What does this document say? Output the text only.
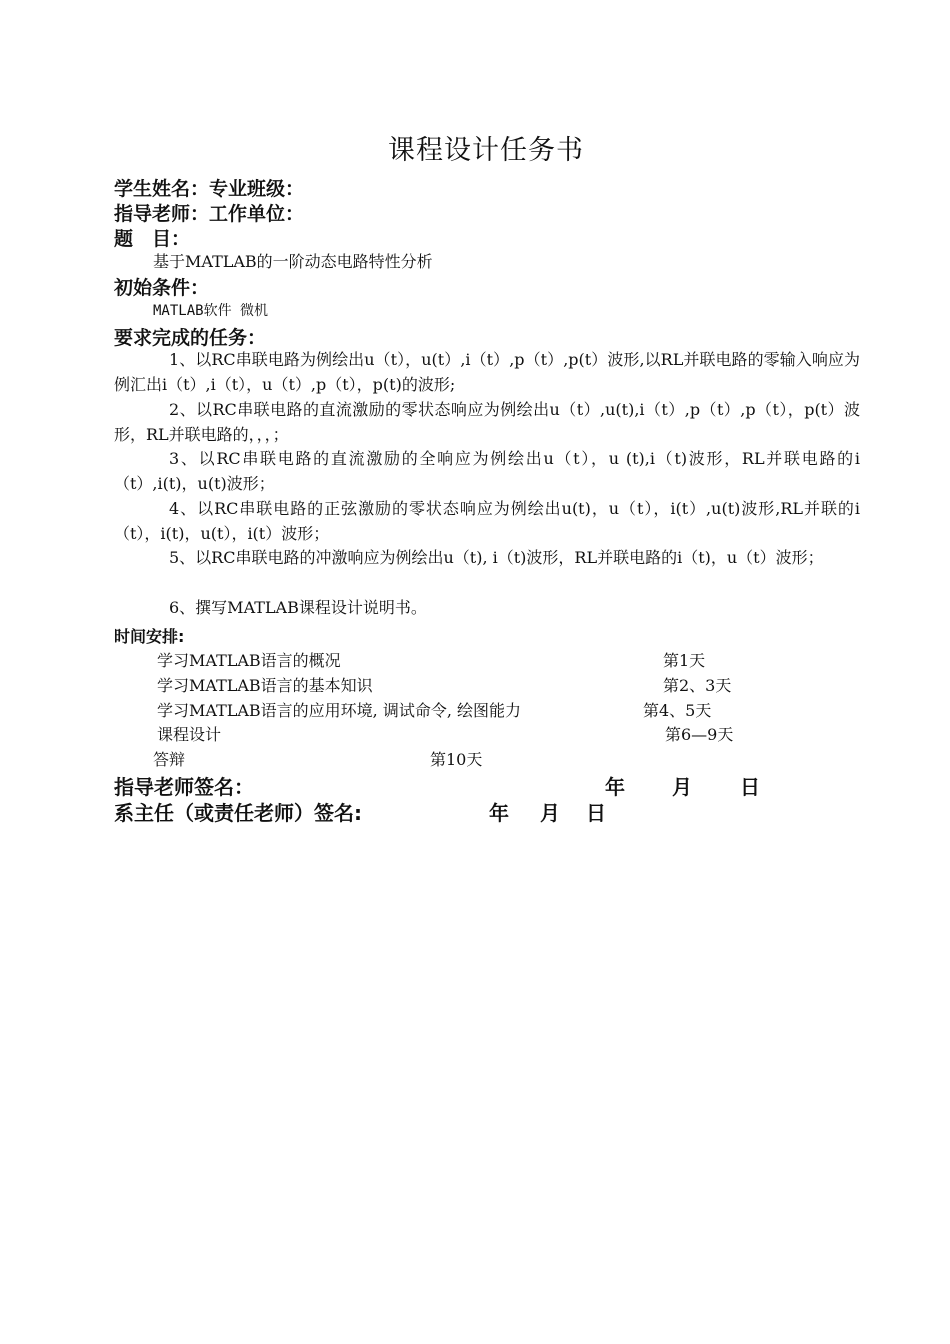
课程设计任务书
学生姓名：专业班级：
指导老师：工作单位：
题　目：
基于MATLAB的一阶动态电路特性分析
初始条件：
MATLAB软件 微机
要求完成的任务：
1、以RC串联电路为例绘出u（t），u(t）,i（t）,p（t）,p(t）波形,以RL并联电路的零输入响应为例汇出i（t）,i（t），u（t）,p（t），p(t)的波形;
2、以RC串联电路的直流激励的零状态响应为例绘出u（t）,u(t),i（t）,p（t）,p（t），p(t）波形，RL并联电路的，，，；
3、以RC串联电路的直流激励的全响应为例绘出u（t），u (t),i（t)波形，RL并联电路的i（t）,i(t)，u(t)波形；
4、以RC串联电路的正弦激励的零状态响应为例绘出u(t)，u（t），i(t）,u(t)波形,RL并联的i（t），i(t)，u(t），i(t）波形；
5、以RC串联电路的冲激响应为例绘出u（t), i（t)波形，RL并联电路的i（t)，u（t）波形；
6、撰写MATLAB课程设计说明书。
时间安排:
学习MATLAB语言的概况	第1天
学习MATLAB语言的基本知识	第2、3天
学习MATLAB语言的应用环境, 调试命令, 绘图能力	第4、5天
课程设计	第6—9天
答辩	第10天
指导老师签名：	年 月 日
系主任（或责任老师）签名:	年 月 日
